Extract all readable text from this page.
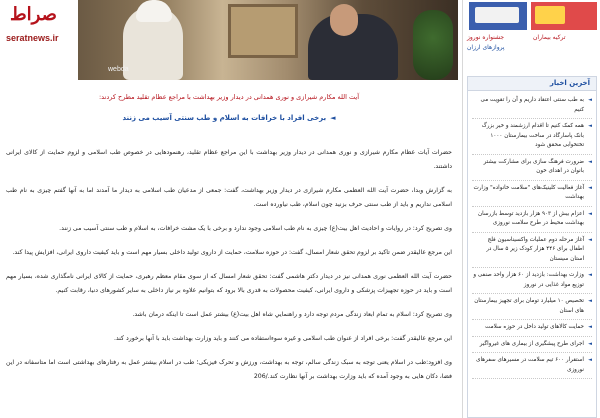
صراط
seratnews.ir
webda

آیت الله مکارم شیرازی و نوری همدانی در دیدار وزیر بهداشت با مراجع عظام تقلید مطرح کردند:

◄برخی افراد با خرافات به اسلام و طب سنتی آسیب می زنند

حضرات آیات عظام مکارم شیرازی و نوری همدانی در دیدار وزیر بهداشت با این مراجع عظام تقلید، رهنمودهایی در خصوص طب اسلامی و لزوم حمایت از کالای ایرانی داشتند.

به گزارش وبدا، حضرت آیت الله العظمی مکارم شیرازی در دیدار وزیر بهداشت، گفت: جمعی از مدعیان طب اسلامی به دیدار ما آمدند اما به آنها گفتم چیزی به نام طب اسلامی نداریم و باید از طب سنتی حرف بزنید چون اسلام، طب نیاورده است.

وی تصریح کرد: در روایات و احادیث اهل بیت(ع) چیزی به نام طب اسلامی وجود ندارد و برخی با یک مشت خرافات، به اسلام و طب سنتی آسیب می زنند.

این مرجع عالیقدر ضمن تاکید بر لزوم تحقق شعار امسال، گفت: در حوزه سلامت، حمایت از داروی تولید داخلی بسیار مهم است و باید کیفیت داروی ایرانی، افزایش پیدا کند.

حضرت آیت الله العظمی نوری همدانی نیز در دیدار دکتر هاشمی گفت: تحقق شعار امسال که از سوی مقام معظم رهبری، حمایت از کالای ایرانی نامگذاری شده، بسیار مهم است و باید در حوزه تجهیزات پزشکی و داروی ایرانی، کیفیت محصولات به قدری بالا برود که بتوانیم علاوه بر نیاز داخلی به سایر کشورهای دنیا، رقابت کنیم.

وی تصریح کرد: اسلام به تمام ابعاد زندگی مردم توجه دارد و راهنماییِ شاه اهل بیت(ع) بیشتر عمل است تا اینکه درمان باشد.

این مرجع عالیقدر گفت: برخی افراد از عنوان طب اسلامی و غیره سوءاستفاده می کنند و باید وزارت بهداشت باید با آنها برخورد کند.

وی افزود:طب در اسلام یعنی توجه به سبک زندگی سالم، توجه به بهداشت، ورزش و تحرک فیزیکی؛ طب در اسلام بیشتر عمل به رفتارهای بهداشتی است اما متاسفانه در این فضا، دکان هایی به وجود آمده که باید وزارت بهداشت بر آنها نظارت کند./206

جشنواره نوروز	ترکیه بیماران
پروازهای ارزان
آخرین اخبار
◄ به طب سنتی اعتقاد داریم و آن را تقویت می کنیم
◄ همه کمک کنیم تا اقدام ارزشمند و خیر بزرگ بانک پاسارگاد در ساخت بیمارستان ۱۰۰۰ تختخوابی محقق شود
◄ ضرورت فرهنگ سازی برای مشارکت بیشتر بانوان در اهدای خون
◄ آغاز فعالیت کلینیک‌های "سلامت خانواده" وزارت بهداشت
◄ اعزام بیش از ۹۰۳ هزار بازدید توسط بازرسان بهداشت محیط در طرح سلامت نوروزی
◄ آغاز مرحله دوم عملیات واکسیناسیون فلج اطفال برای ۴۴۶ هزار کودک زیر ۵ سال در استان سیستان
◄ وزارت بهداشت: بازدید از ۶۰ هزار واحد صنفی و توزیع مواد غذایی در نوروز
◄ تخصیص ۱۰ میلیارد تومان برای تجهیز بیمارستان های استان
◄ حمایت کالاهای تولید داخل در حوزه سلامت
◄ اجرای طرح پیشگیری از بیماری های غیرواگیر
◄ استقرار ۶۰۰ تیم سلامت در مسیرهای سفرهای نوروزی
